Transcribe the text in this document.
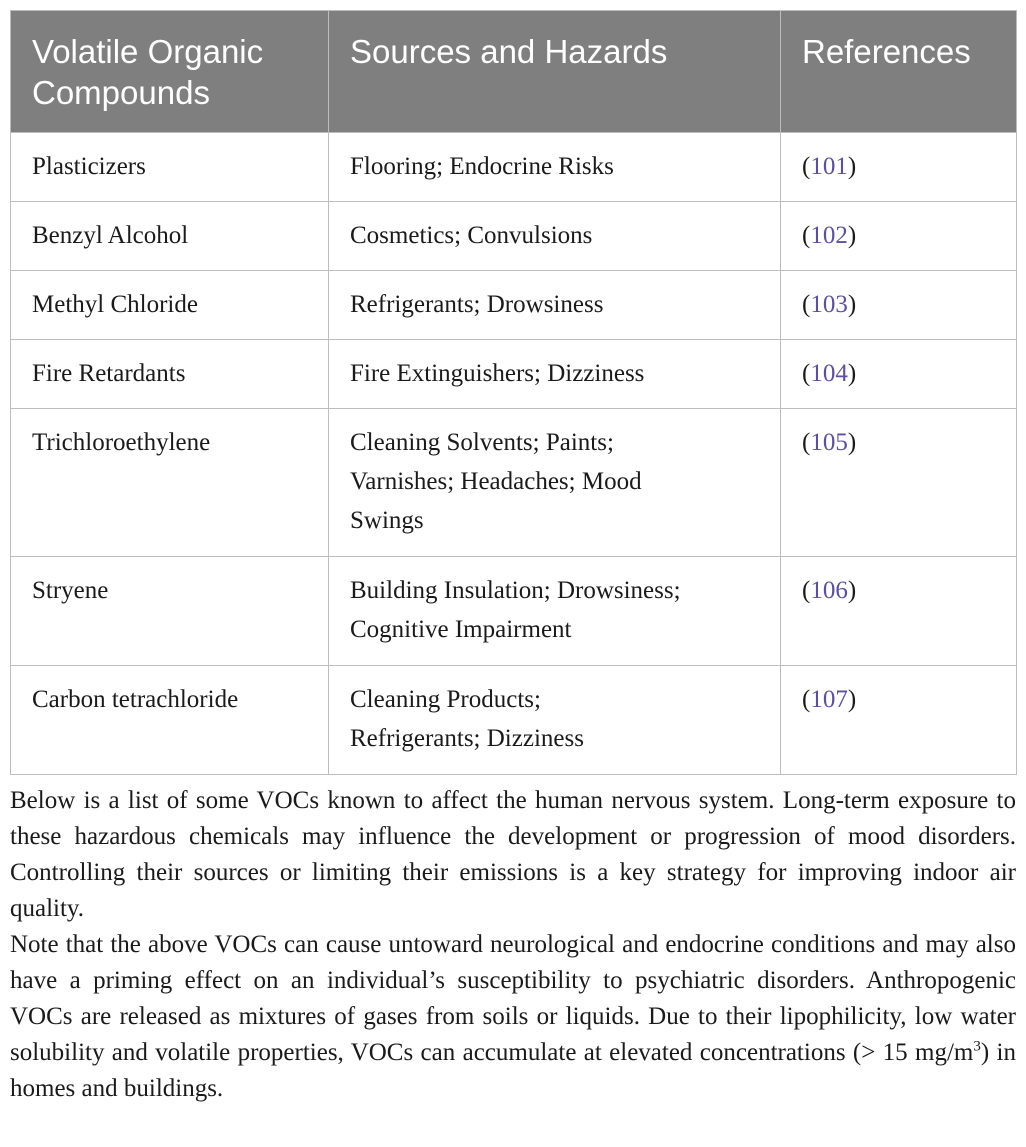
Volatile Organic Compounds	Sources and Hazards	References
Plasticizers	Flooring; Endocrine Risks	(101)
Benzyl Alcohol	Cosmetics; Convulsions	(102)
Methyl Chloride	Refrigerants; Drowsiness	(103)
Fire Retardants	Fire Extinguishers; Dizziness	(104)
Trichloroethylene	Cleaning Solvents; Paints; Varnishes; Headaches; Mood Swings	(105)
Stryene	Building Insulation; Drowsiness; Cognitive Impairment	(106)
Carbon tetrachloride	Cleaning Products; Refrigerants; Dizziness	(107)

Below is a list of some VOCs known to affect the human nervous system. Long-term exposure to these hazardous chemicals may influence the development or progression of mood disorders. Controlling their sources or limiting their emissions is a key strategy for improving indoor air quality.

Note that the above VOCs can cause untoward neurological and endocrine conditions and may also have a priming effect on an individual’s susceptibility to psychiatric disorders. Anthropogenic VOCs are released as mixtures of gases from soils or liquids. Due to their lipophilicity, low water solubility and volatile properties, VOCs can accumulate at elevated concentrations (> 15 $mg/m^3$) in homes and buildings.
